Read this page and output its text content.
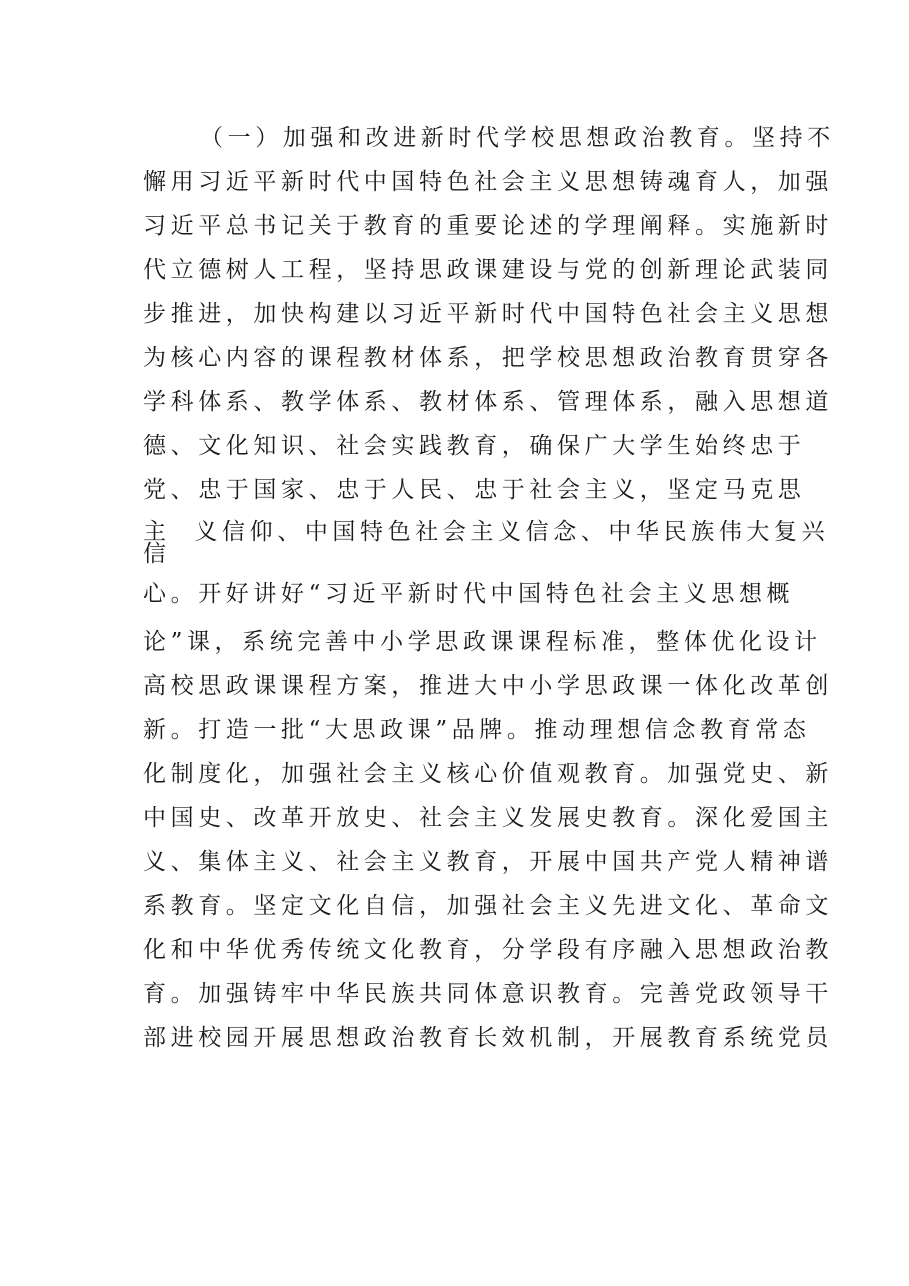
（一）加强和改进新时代学校思想政治教育。坚持不
懈用习近平新时代中国特色社会主义思想铸魂育人，加强
习近平总书记关于教育的重要论述的学理阐释。实施新时
代立德树人工程，坚持思政课建设与党的创新理论武装同
步推进，加快构建以习近平新时代中国特色社会主义思想
为核心内容的课程教材体系，把学校思想政治教育贯穿各
学科体系、教学体系、教材体系、管理体系，融入思想道
德、文化知识、社会实践教育，确保广大学生始终忠于
党、忠于国家、忠于人民、忠于社会主义，坚定马克思
主  义信仰、中国特色社会主义信念、中华民族伟大复兴
信
心。开好讲好“习近平新时代中国特色社会主义思想概
论”课，系统完善中小学思政课课程标准，整体优化设计
高校思政课课程方案，推进大中小学思政课一体化改革创
新。打造一批“大思政课”品牌。推动理想信念教育常态
化制度化，加强社会主义核心价值观教育。加强党史、新
中国史、改革开放史、社会主义发展史教育。深化爱国主
义、集体主义、社会主义教育，开展中国共产党人精神谱
系教育。坚定文化自信，加强社会主义先进文化、革命文
化和中华优秀传统文化教育，分学段有序融入思想政治教
育。加强铸牢中华民族共同体意识教育。完善党政领导干
部进校园开展思想政治教育长效机制，开展教育系统党员
